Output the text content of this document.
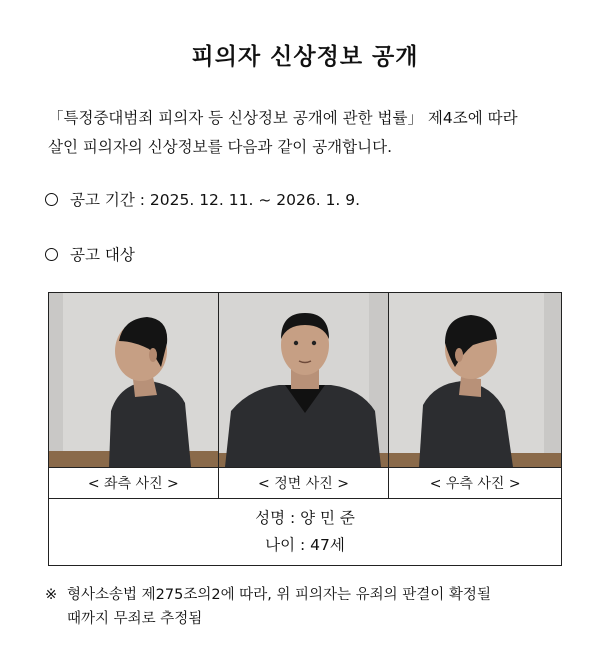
피의자 신상정보 공개
「특정중대범죄 피의자 등 신상정보 공개에 관한 법률」 제4조에 따라
살인 피의자의 신상정보를 다음과 같이 공개합니다.
공고 기간 : 2025. 12. 11. ~ 2026. 1. 9.
공고 대상
< 좌측 사진 >	< 정면 사진 >	< 우측 사진 >
성명 : 양 민 준
나이 : 47세
※ 형사소송법 제275조의2에 따라, 위 피의자는 유죄의 판결이 확정될
때까지 무죄로 추정됨
